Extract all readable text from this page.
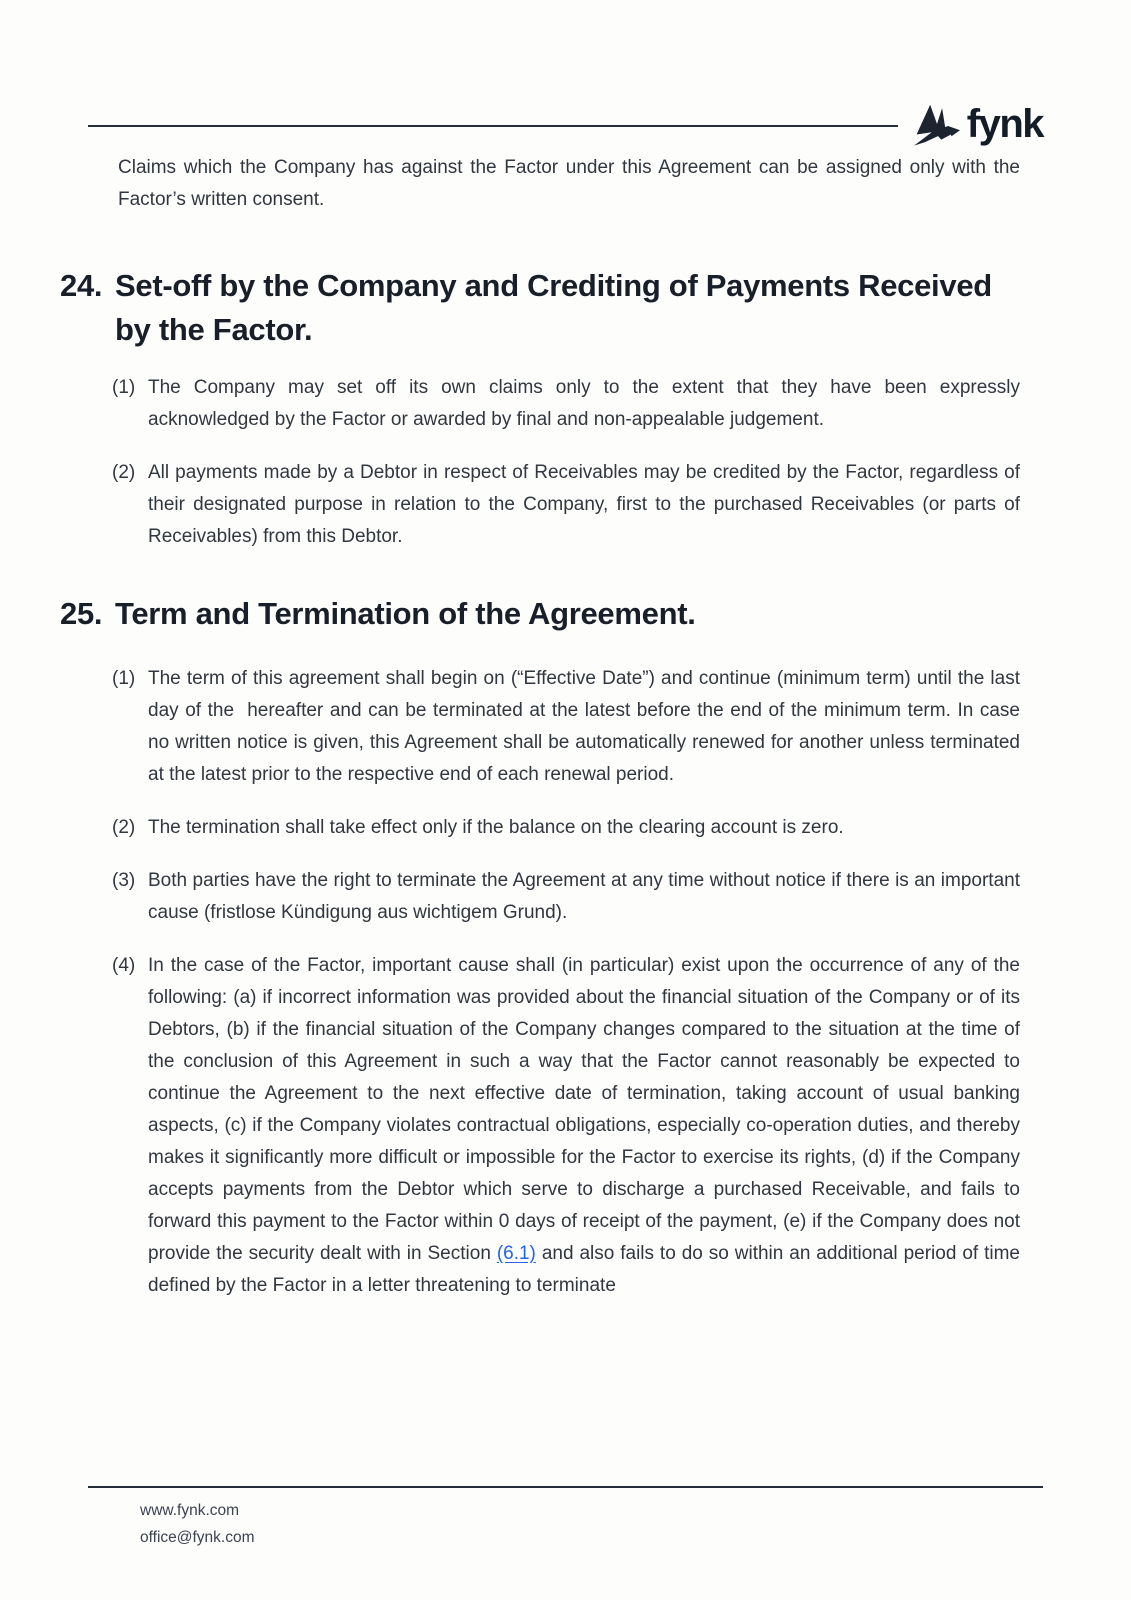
fynk

Claims which the Company has against the Factor under this Agreement can be assigned only with the Factor’s written consent.

24. Set-off by the Company and Crediting of Payments Received
by the Factor.
(1) The Company may set off its own claims only to the extent that they have been expressly acknowledged by the Factor or awarded by final and non-appealable judgement.
(2) All payments made by a Debtor in respect of Receivables may be credited by the Factor, regardless of their designated purpose in relation to the Company, first to the purchased Receivables (or parts of Receivables) from this Debtor.
25. Term and Termination of the Agreement.
(1) The term of this agreement shall begin on (“Effective Date”) and continue (minimum term) until the last day of the  hereafter and can be terminated at the latest before the end of the minimum term. In case no written notice is given, this Agreement shall be automatically renewed for another unless terminated at the latest prior to the respective end of each renewal period.
(2) The termination shall take effect only if the balance on the clearing account is zero.
(3) Both parties have the right to terminate the Agreement at any time without notice if there is an important cause (fristlose Kündigung aus wichtigem Grund).
(4) In the case of the Factor, important cause shall (in particular) exist upon the occurrence of any of the following: (a) if incorrect information was provided about the financial situation of the Company or of its Debtors, (b) if the financial situation of the Company changes compared to the situation at the time of the conclusion of this Agreement in such a way that the Factor cannot reasonably be expected to continue the Agreement to the next effective date of termination, taking account of usual banking aspects, (c) if the Company violates contractual obligations, especially co-operation duties, and thereby makes it significantly more difficult or impossible for the Factor to exercise its rights, (d) if the Company accepts payments from the Debtor which serve to discharge a purchased Receivable, and fails to forward this payment to the Factor within 0 days of receipt of the payment, (e) if the Company does not provide the security dealt with in Section (6.1) and also fails to do so within an additional period of time defined by the Factor in a letter threatening to terminate
www.fynk.com
office@fynk.com
